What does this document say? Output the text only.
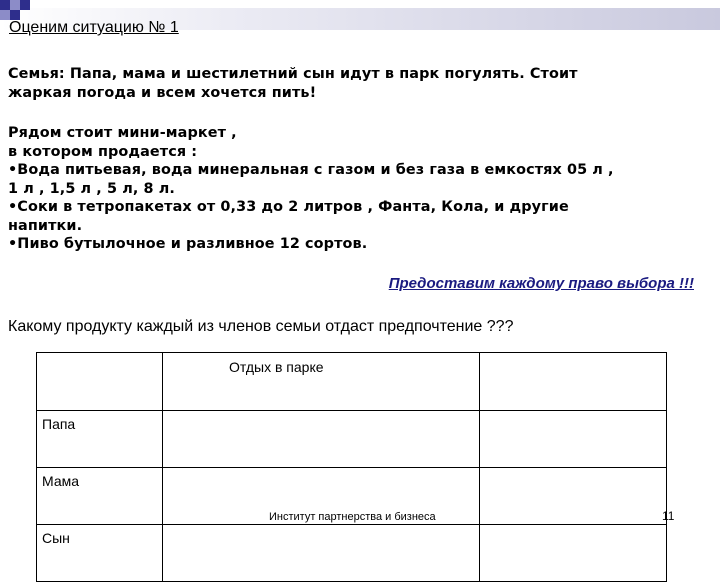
Оценим ситуацию № 1

Семья: Папа, мама и шестилетний сын идут в парк погулять. Стоит

жаркая погода и всем хочется пить!

Рядом стоит мини-маркет ,

в котором продается :

•Вода питьевая, вода минеральная с газом и без газа в емкостях 05 л ,

1 л , 1,5 л , 5 л, 8 л.

•Соки в тетропакетах от 0,33 до 2 литров , Фанта, Кола, и другие

напитки.

•Пиво бутылочное и разливное 12 сортов.

Предоставим каждому право выбора !!!
Какому продукту каждый из членов семьи отдаст предпочтение ???
	Отдых в парке	
Папа		
Мама		
Сын		
Институт партнерства и бизнеса	11
